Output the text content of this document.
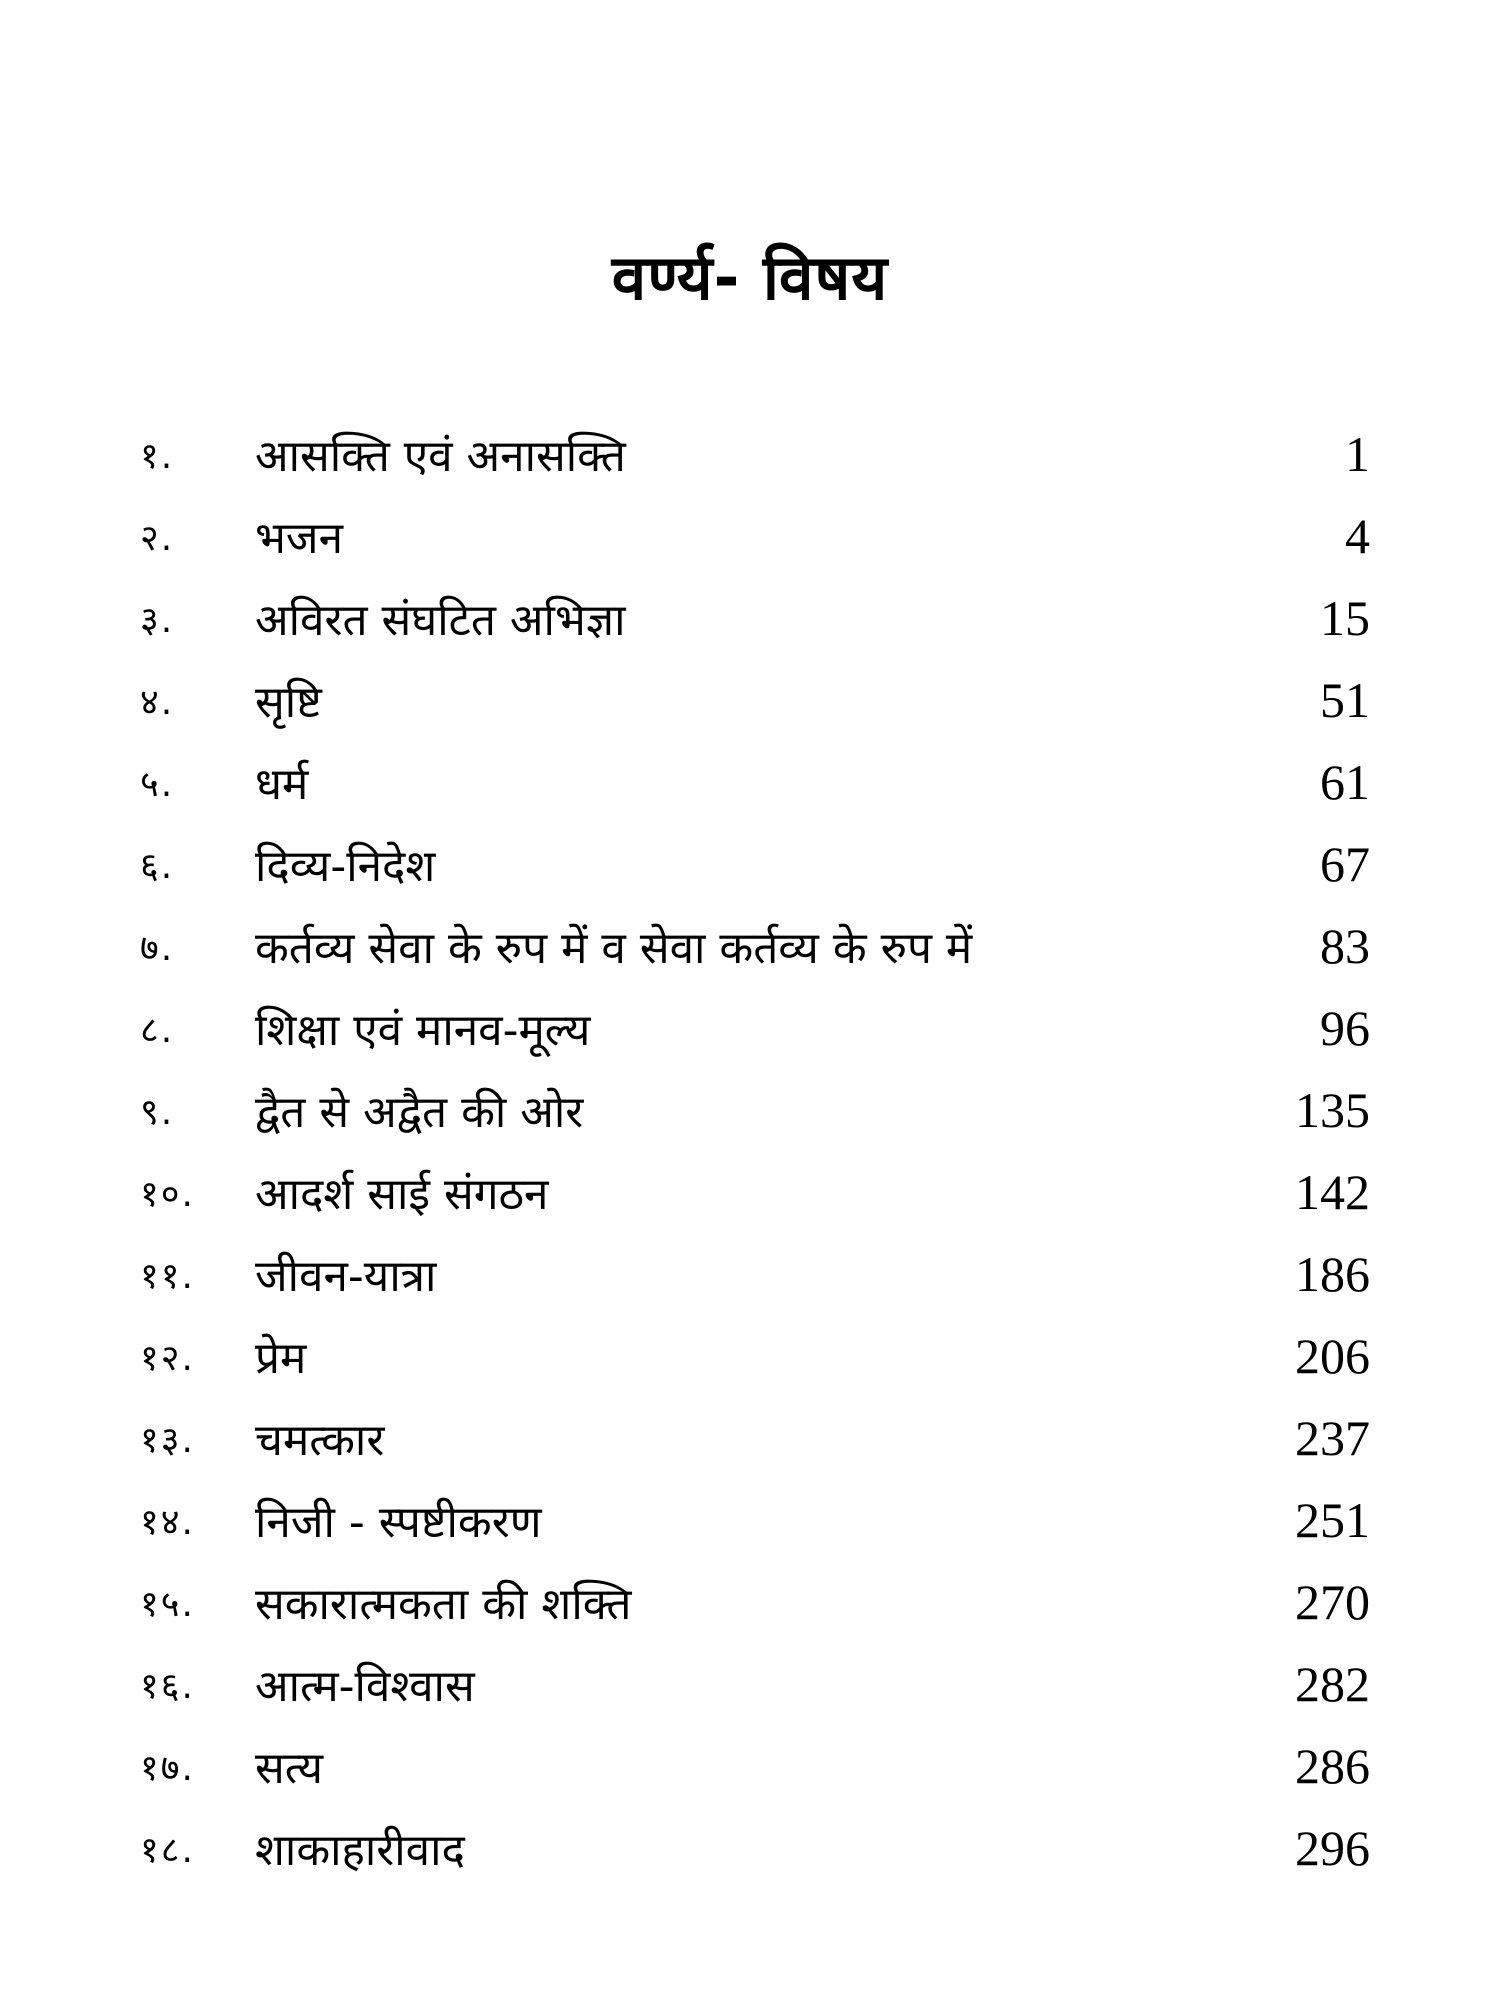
वर्ण्य- विषय
१.	आसक्ति एवं अनासक्ति	1
२.	भजन	4
३.	अविरत संघटित अभिज्ञा	15
४.	सृष्टि	51
५.	धर्म	61
६.	दिव्य-निदेश	67
७.	कर्तव्य सेवा के रुप में व सेवा कर्तव्य के रुप में	83
८.	शिक्षा एवं मानव-मूल्य	96
९.	द्वैत से अद्वैत की ओर	135
१०.	आदर्श साई संगठन	142
११.	जीवन-यात्रा	186
१२.	प्रेम	206
१३.	चमत्कार	237
१४.	निजी - स्पष्टीकरण	251
१५.	सकारात्मकता की शक्ति	270
१६.	आत्म-विश्वास	282
१७.	सत्य	286
१८.	शाकाहारीवाद	296
